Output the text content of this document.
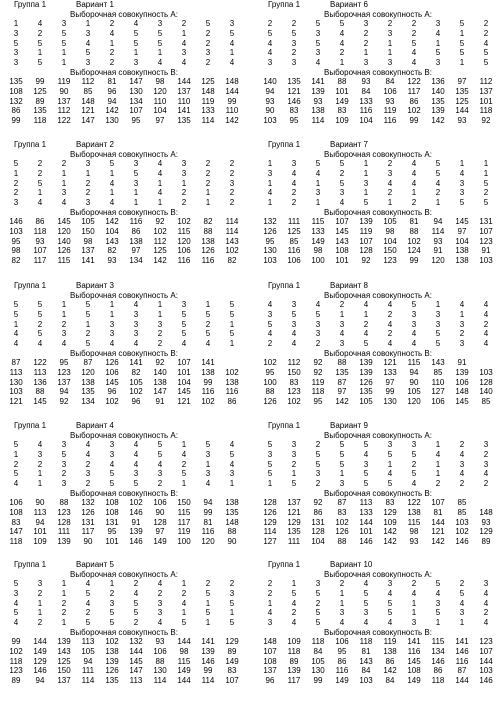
Группа 1	Вариант 1
Выборочная совокупность А:
1	4	3	1	2	4	3	2	5	3
3	2	5	3	4	5	5	1	2	5
5	5	5	4	1	5	5	4	2	4
3	1	1	5	2	1	1	3	3	1
3	5	1	3	2	3	4	4	2	4
Выборочная совокупность В:
135	99	119	112	81	147	98	144	125	148
108	125	90	85	96	130	120	137	148	144
132	89	137	148	94	134	110	110	119	99
86	135	112	121	142	107	104	141	133	110
99	118	122	147	130	95	97	135	114	142
Группа 1	Вариант 6
Выборочная совокупность А:
2	2	5	5	3	2	2	3	5	2
5	5	3	4	2	3	2	4	1	2
4	3	5	4	2	1	5	1	5	4
4	2	3	2	1	1	4	5	5	5
3	3	4	1	3	3	4	3	1	5
Выборочная совокупность В:
140	135	141	88	93	84	122	136	97	112
94	121	139	101	84	106	117	140	135	137
93	146	93	149	133	93	86	135	125	101
90	83	138	83	116	119	102	139	144	118
103	95	114	109	104	116	99	142	93	92
Группа 1	Вариант 2
Выборочная совокупность А:
5	2	2	3	5	3	4	3	2	2
1	2	1	1	1	5	4	3	2	2
2	5	1	2	4	3	1	1	2	3
2	1	3	2	1	1	4	2	1	2
3	4	4	3	4	1	1	2	1	2
Выборочная совокупность В:
146	86	145	105	142	116	92	102	82	114
103	118	120	150	104	86	102	115	88	114
95	93	140	98	143	138	112	120	138	143
98	107	126	137	82	97	125	106	126	102
82	117	115	141	93	134	142	116	116	82
Группа 1	Вариант 7
Выборочная совокупность А:
1	3	5	5	1	2	4	5	1	1
3	4	4	2	1	3	4	5	4	1
1	4	1	5	3	4	4	4	3	5
4	2	3	3	1	2	1	2	3	2
1	2	1	4	5	1	2	1	5	5
Выборочная совокупность В:
132	111	115	107	139	105	81	94	145	131
126	125	133	145	119	98	88	114	97	107
95	85	149	143	107	104	102	93	104	123
130	116	98	108	128	150	124	91	138	91
103	106	100	101	92	123	99	120	138	103
Группа 1	Вариант 3
Выборочная совокупность А:
5	5	1	5	1	4	1	3	1	5
5	5	1	5	1	3	1	5	5	5
1	2	2	1	3	3	3	5	2	1
4	5	3	2	3	3	2	5	5	5
4	4	4	5	4	4	2	4	4	1
Выборочная совокупность В:
87	122	95	87	126	141	92	107	141
113	113	123	120	106	82	140	101	138	102
130	136	137	138	145	105	138	104	99	138
103	88	94	135	96	102	147	145	116	116
121	145	92	134	102	96	91	121	102	86
Группа 1	Вариант 8
Выборочная совокупность А:
4	3	4	2	4	4	5	1	4	4
3	5	5	1	1	2	3	3	1	4
5	3	3	3	2	4	3	3	3	2
4	4	3	4	4	2	4	5	2	4
2	4	2	3	5	4	4	5	3	4
Выборочная совокупность В:
102	112	92	88	139	121	115	143	91
95	150	92	135	139	133	94	85	139	103
100	83	119	87	126	97	90	110	106	128
88	123	118	97	135	99	105	127	148	140
126	102	95	142	105	130	120	106	145	85
Группа 1	Вариант 4
Выборочная совокупность А:
5	4	3	4	3	4	5	1	5	4
1	3	5	4	3	4	5	4	3	5
2	2	3	2	4	4	4	2	1	4
5	1	2	3	5	3	3	5	3	3
4	1	3	2	5	5	2	1	4	1
Выборочная совокупность В:
106	90	88	132	108	102	106	150	94	138
108	113	123	126	108	146	90	115	99	135
83	94	128	131	131	91	128	117	81	148
147	101	111	117	95	139	97	119	116	88
118	109	139	90	101	146	149	100	120	90
Группа 1	Вариант 9
Выборочная совокупность А:
5	3	2	5	5	3	3	1	2	3
3	3	5	5	4	5	5	4	4	2
5	2	5	5	3	1	2	1	3	3
5	1	3	1	5	4	5	1	4	4
1	5	2	3	5	5	4	2	2	2
Выборочная совокупность В:
128	137	92	87	113	83	122	107	85
126	121	86	83	133	129	138	81	85	148
129	129	131	102	144	109	115	144	103	93
114	135	128	126	101	142	98	121	102	129
127	111	104	88	146	142	93	142	146	89
Группа 1	Вариант 5
Выборочная совокупность А:
5	3	1	4	1	2	4	1	2	2
3	2	1	5	2	4	2	2	5	3
4	1	2	4	3	5	3	4	1	5
5	1	2	2	5	5	3	1	5	1
4	2	1	5	5	2	4	5	1	5
Выборочная совокупность В:
99	144	139	113	102	132	93	144	141	129
102	149	143	105	138	144	106	98	139	89
118	129	125	94	139	145	88	115	146	149
123	146	150	111	126	147	130	149	99	83
89	94	137	114	135	113	114	144	114	107
Группа 1	Вариант 10
Выборочная совокупность А:
2	1	3	2	4	3	2	5	2	3
2	5	5	1	5	4	4	4	5	4
1	4	2	1	5	5	1	3	4	4
4	2	5	3	3	5	1	5	3	2
3	4	5	4	4	4	3	1	1	4
Выборочная совокупность В:
148	109	118	106	118	119	141	115	141	123
107	118	84	95	81	138	116	134	146	107
108	89	105	86	143	86	145	146	116	144
137	139	130	116	84	142	108	86	87	103
96	117	99	149	103	84	149	118	144	146
